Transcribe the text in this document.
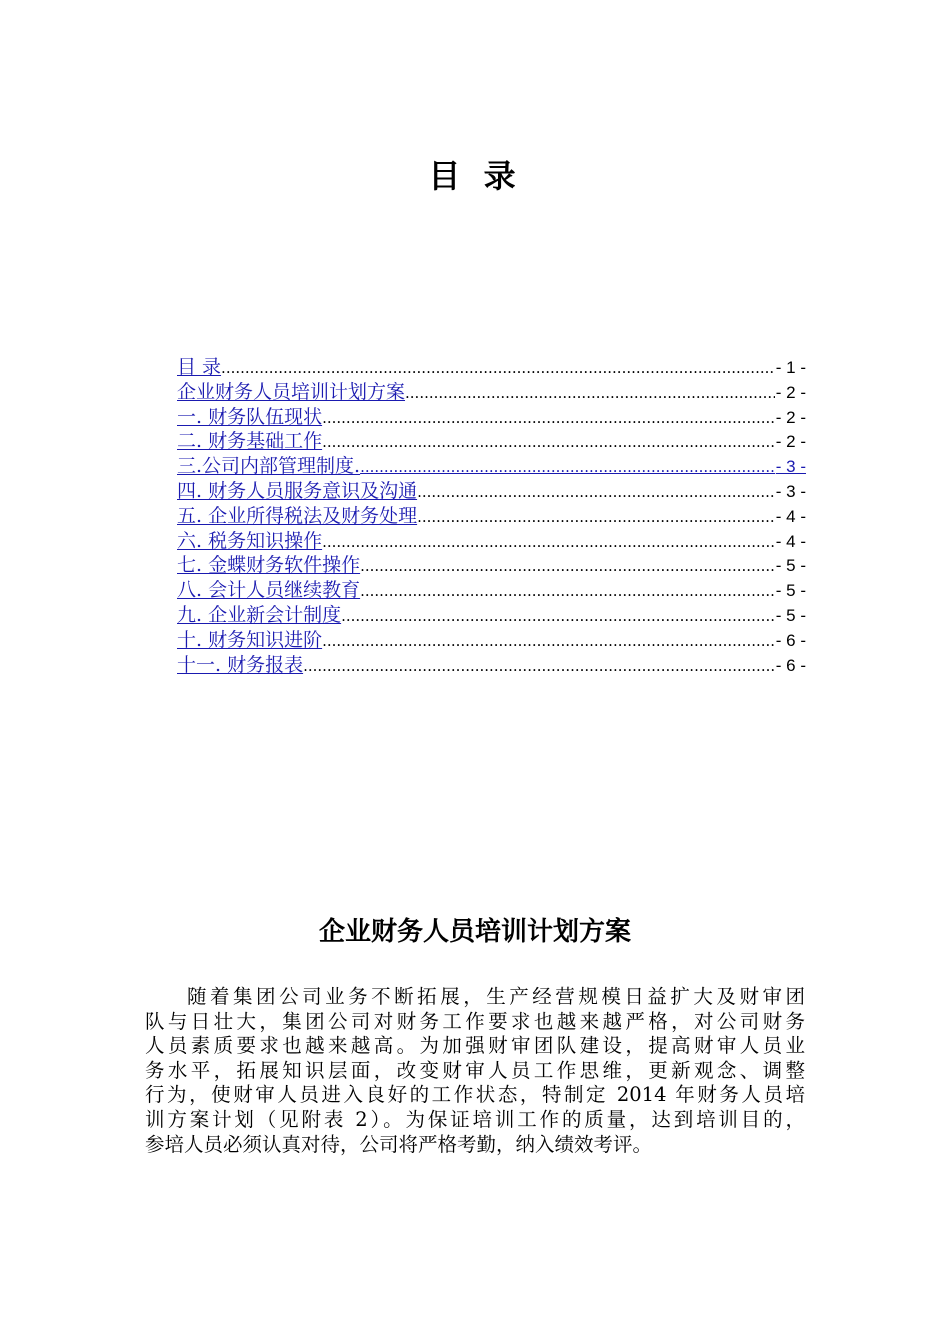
目 录
目 录 .....	- 1 -
企业财务人员培训计划方案 .....	- 2 -
一. 财务队伍现状 .....	- 2 -
二. 财务基础工作 .....	- 2 -
三.公司内部管理制度. .....	- 3 -
四. 财务人员服务意识及沟通 .....	- 3 -
五. 企业所得税法及财务处理 .....	- 4 -
六. 税务知识操作 .....	- 4 -
七. 金蝶财务软件操作 .....	- 5 -
八. 会计人员继续教育 .....	- 5 -
九. 企业新会计制度 .....	- 5 -
十. 财务知识进阶 .....	- 6 -
十一. 财务报表 .....	- 6 -
企业财务人员培训计划方案

随着集团公司业务不断拓展，生产经营规模日益扩大及财审团
队与日壮大，集团公司对财务工作要求也越来越严格，对公司财务
人员素质要求也越来越高。为加强财审团队建设，提高财审人员业
务水平，拓展知识层面，改变财审人员工作思维，更新观念、调整
行为，使财审人员进入良好的工作状态，特制定 2014 年财务人员培
训方案计划（见附表 2）。为保证培训工作的质量，达到培训目的，
参培人员必须认真对待，公司将严格考勤，纳入绩效考评。
